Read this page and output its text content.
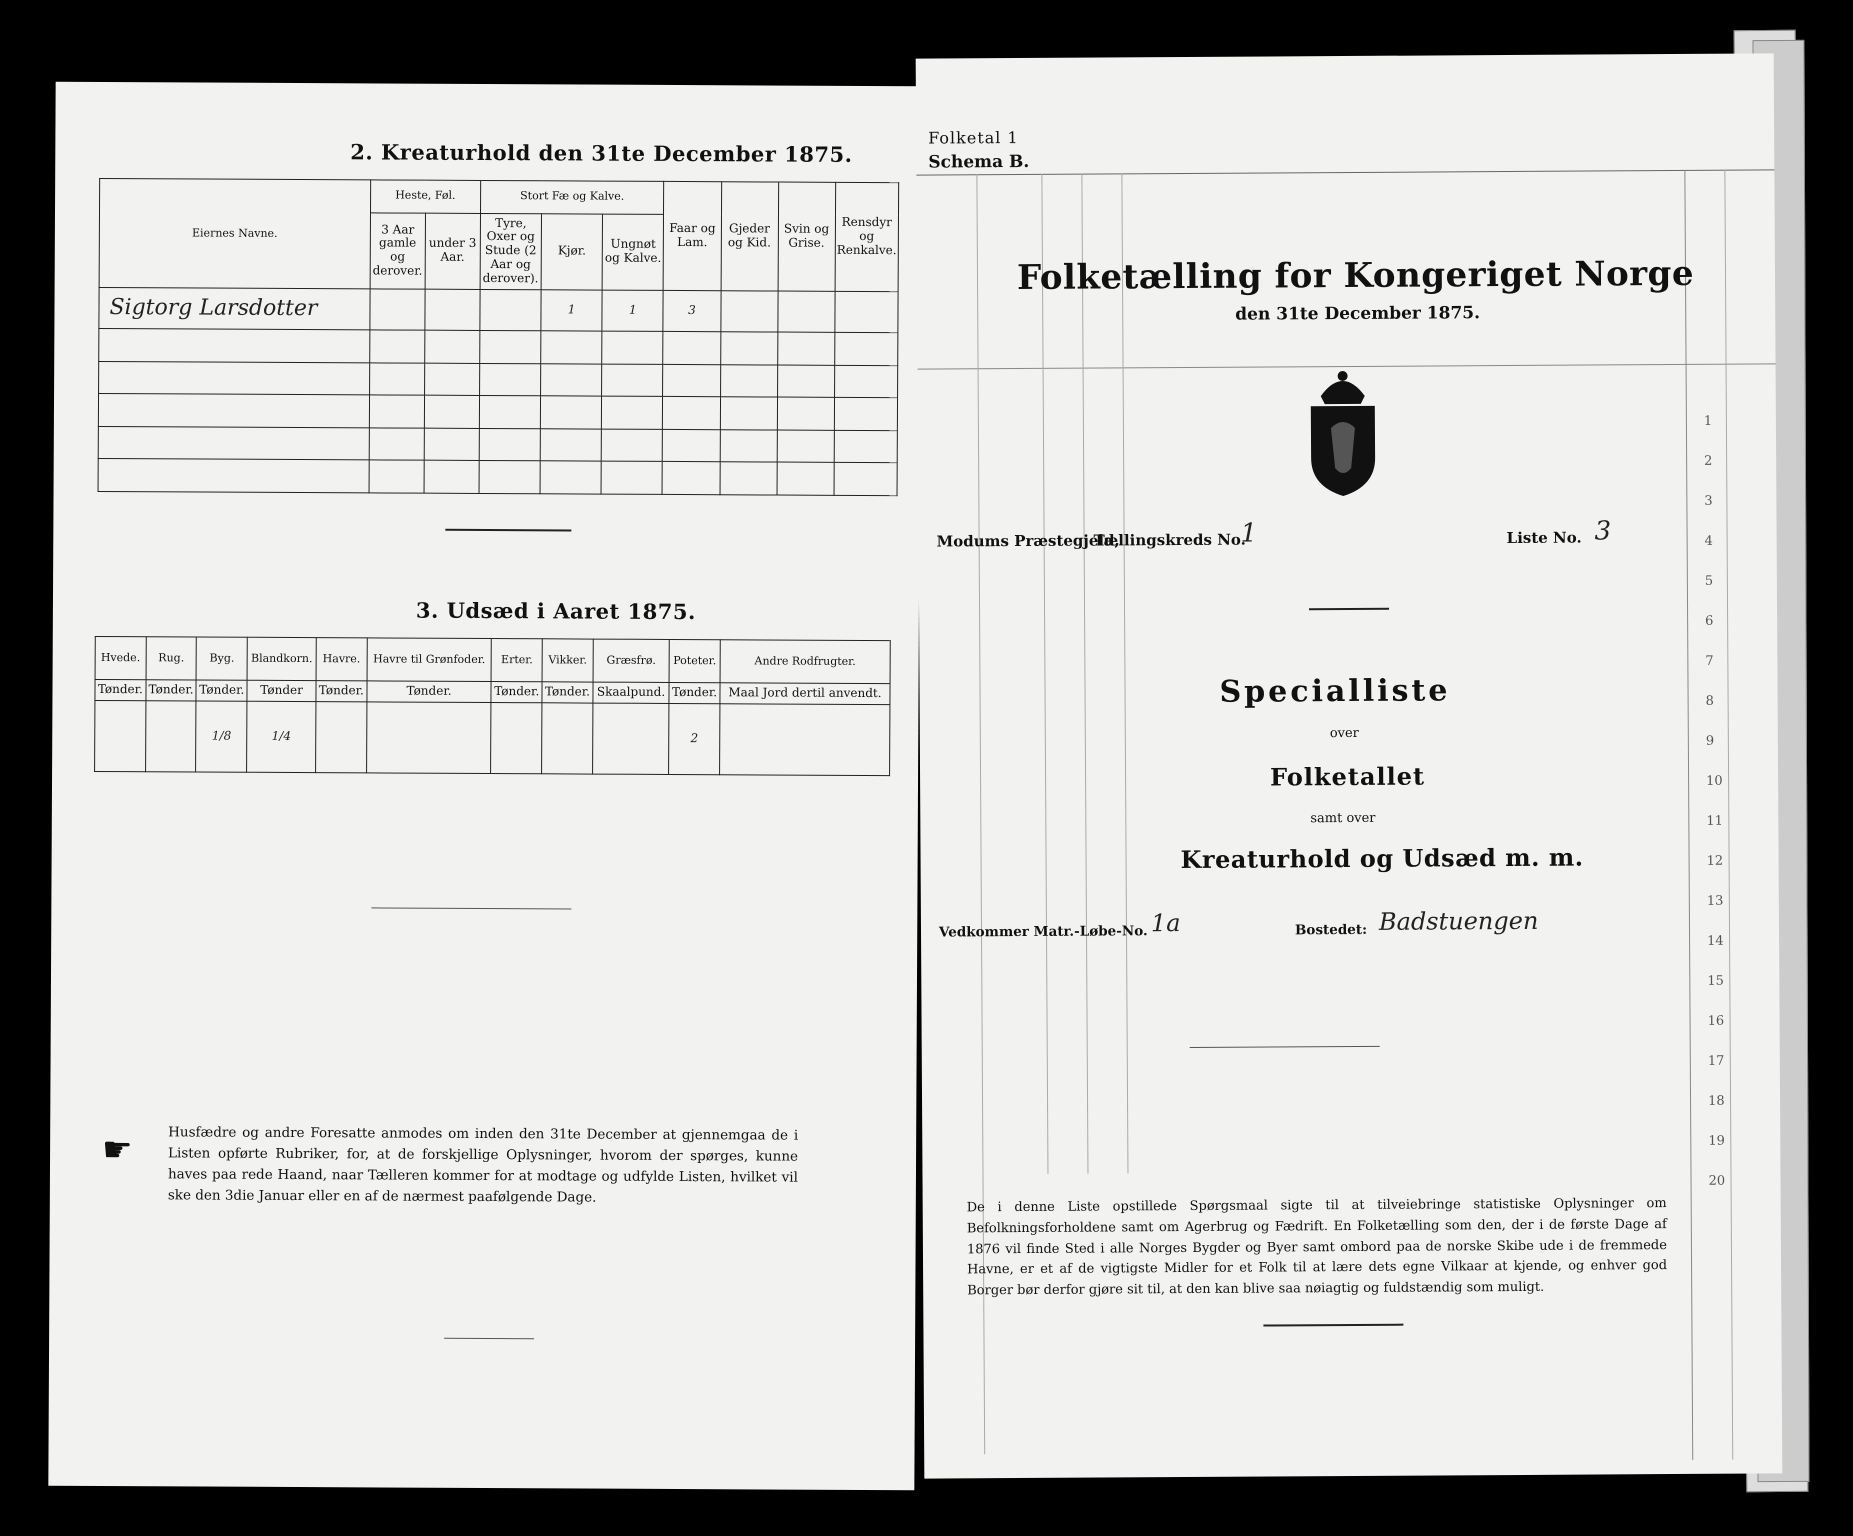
2. Kreaturhold den 31te December 1875.
Eiernes Navne.	Heste, Føl.		Stort Fæ og Kalve.			Faar og Lam.	Gjeder og Kid.	Svin og Grise.	Rensdyr og Renkalve.
	3 Aar gamle og derover.	under 3 Aar.	Tyre, Oxer og Stude (2 Aar og derover).	Kjør.	Ungnøt og Kalve.				
Sigtorg Larsdotter				1	1	3			

3. Udsæd i Aaret 1875.
Hvede.	Rug.	Byg.	Blandkorn.	Havre.	Havre til Grønfoder.	Erter.	Vikker.	Græsfrø.	Poteter.	Andre Rodfrugter.
Tønder.	Tønder.	Tønder.	Tønder	Tønder.	Tønder.	Tønder.	Tønder.	Skaalpund.	Tønder.	Maal Jord dertil anvendt.
		1/8	1/4						2	
☛	Husfædre og andre Foresatte anmodes om inden den 31te December at gjennemgaa de i Listen opførte Rubriker, for, at de forskjellige Oplysninger, hvorom der spørges, kunne haves paa rede Haand, naar Tælleren kommer for at modtage og udfylde Listen, hvilket vil ske den 3die Januar eller en af de nærmest paafølgende Dage.
Folketal 1
Schema B.
Folketælling for Kongeriget Norge
den 31te December 1875.
Modums Præstegjeld,
Tællingskreds No.
1	Liste No. 3
Specialliste
over
Folketallet
samt over
Kreaturhold og Udsæd m. m.
Vedkommer Matr.-Løbe-No. 1a	Bostedet: Badstuengen
De i denne Liste opstillede Spørgsmaal sigte til at tilveiebringe statistiske Oplysninger om Befolkningsforholdene samt om Agerbrug og Fædrift. En Folketælling som den, der i de første Dage af 1876 vil finde Sted i alle Norges Bygder og Byer samt ombord paa de norske Skibe ude i de fremmede Havne, er et af de vigtigste Midler for et Folk til at lære dets egne Vilkaar at kjende, og enhver god Borger bør derfor gjøre sit til, at den kan blive saa nøiagtig og fuldstændig som muligt.
1
2
3
4
5
6
7
8
9
10
11
12
13
14
15
16
17
18
19
20
